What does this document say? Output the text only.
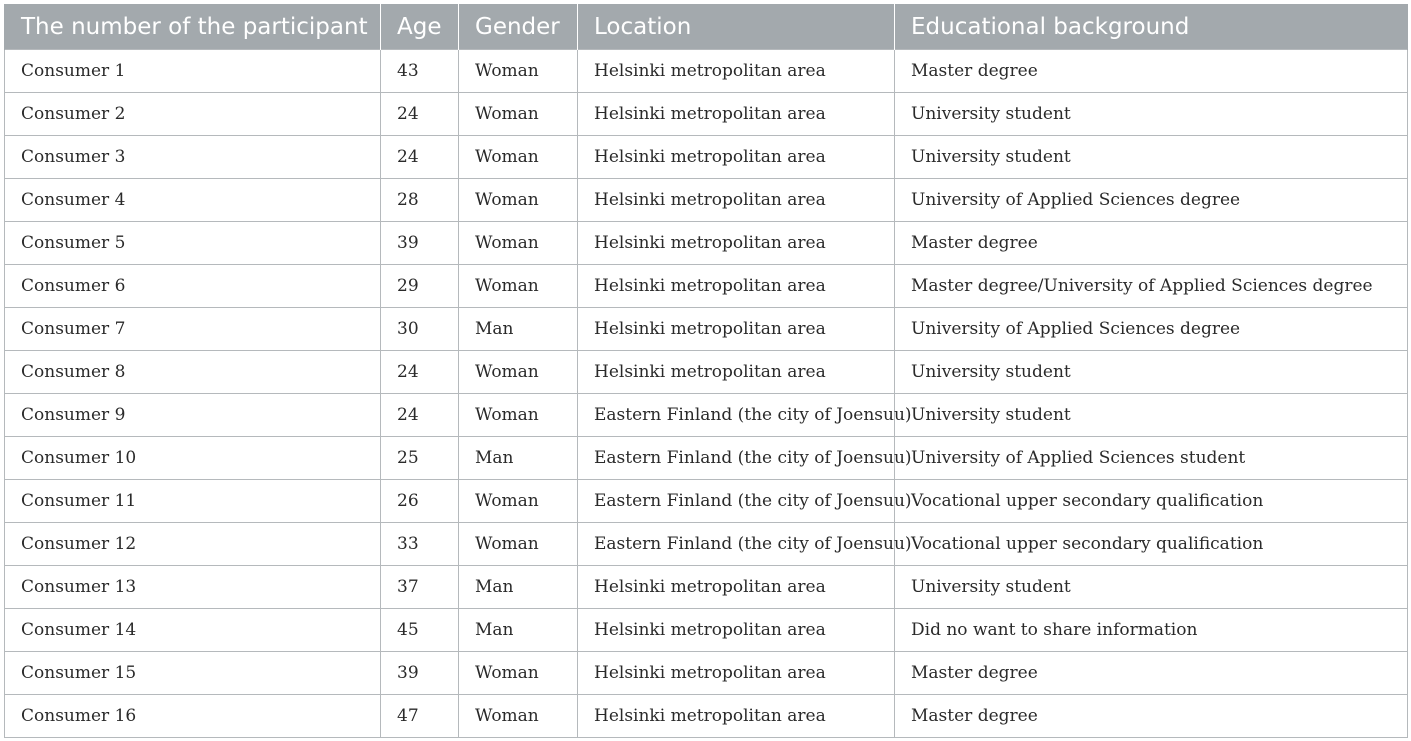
The number of the participant	Age	Gender	Location	Educational background
Consumer 1	43	Woman	Helsinki metropolitan area	Master degree
Consumer 2	24	Woman	Helsinki metropolitan area	University student
Consumer 3	24	Woman	Helsinki metropolitan area	University student
Consumer 4	28	Woman	Helsinki metropolitan area	University of Applied Sciences degree
Consumer 5	39	Woman	Helsinki metropolitan area	Master degree
Consumer 6	29	Woman	Helsinki metropolitan area	Master degree/University of Applied Sciences degree
Consumer 7	30	Man	Helsinki metropolitan area	University of Applied Sciences degree
Consumer 8	24	Woman	Helsinki metropolitan area	University student
Consumer 9	24	Woman	Eastern Finland (the city of Joensuu)	University student
Consumer 10	25	Man	Eastern Finland (the city of Joensuu)	University of Applied Sciences student
Consumer 11	26	Woman	Eastern Finland (the city of Joensuu)	Vocational upper secondary qualification
Consumer 12	33	Woman	Eastern Finland (the city of Joensuu)	Vocational upper secondary qualification
Consumer 13	37	Man	Helsinki metropolitan area	University student
Consumer 14	45	Man	Helsinki metropolitan area	Did no want to share information
Consumer 15	39	Woman	Helsinki metropolitan area	Master degree
Consumer 16	47	Woman	Helsinki metropolitan area	Master degree
